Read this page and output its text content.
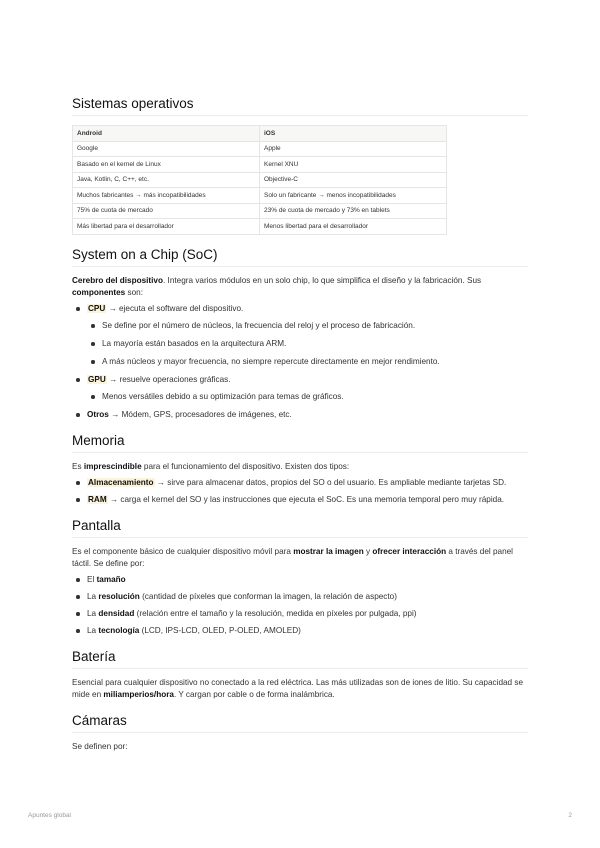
Sistemas operativos
Android	iOS
Google	Apple
Basado en el kernel de Linux	Kernel XNU
Java, Kotlin, C, C++, etc.	Objective-C
Muchos fabricantes → más incopatibilidades	Solo un fabricante → menos incopatibilidades
75% de cuota de mercado	23% de cuota de mercado y 73% en tablets
Más libertad para el desarrollador	Menos libertad para el desarrollador
System on a Chip (SoC)

Cerebro del dispositivo. Integra varios módulos en un solo chip, lo que simplifica el diseño y la fabricación. Sus componentes son:

CPU → ejecuta el software del dispositivo.
Se define por el número de núcleos, la frecuencia del reloj y el proceso de fabricación.
La mayoría están basados en la arquitectura ARM.
A más núcleos y mayor frecuencia, no siempre repercute directamente en mejor rendimiento.
GPU → resuelve operaciones gráficas.
Menos versátiles debido a su optimización para temas de gráficos.
Otros → Módem, GPS, procesadores de imágenes, etc.
Memoria

Es imprescindible para el funcionamiento del dispositivo. Existen dos tipos:

Almacenamiento → sirve para almacenar datos, propios del SO o del usuario. Es ampliable mediante tarjetas SD.
RAM → carga el kernel del SO y las instrucciones que ejecuta el SoC. Es una memoria temporal pero muy rápida.
Pantalla

Es el componente básico de cualquier dispositivo móvil para mostrar la imagen y ofrecer interacción a través del panel táctil. Se define por:

El tamaño
La resolución (cantidad de píxeles que conforman la imagen, la relación de aspecto)
La densidad (relación entre el tamaño y la resolución, medida en píxeles por pulgada, ppi)
La tecnología (LCD, IPS-LCD, OLED, P-OLED, AMOLED)
Batería

Esencial para cualquier dispositivo no conectado a la red eléctrica. Las más utilizadas son de iones de litio. Su capacidad se mide en miliamperios/hora. Y cargan por cable o de forma inalámbrica.

Cámaras

Se definen por:

Apuntes global	2
